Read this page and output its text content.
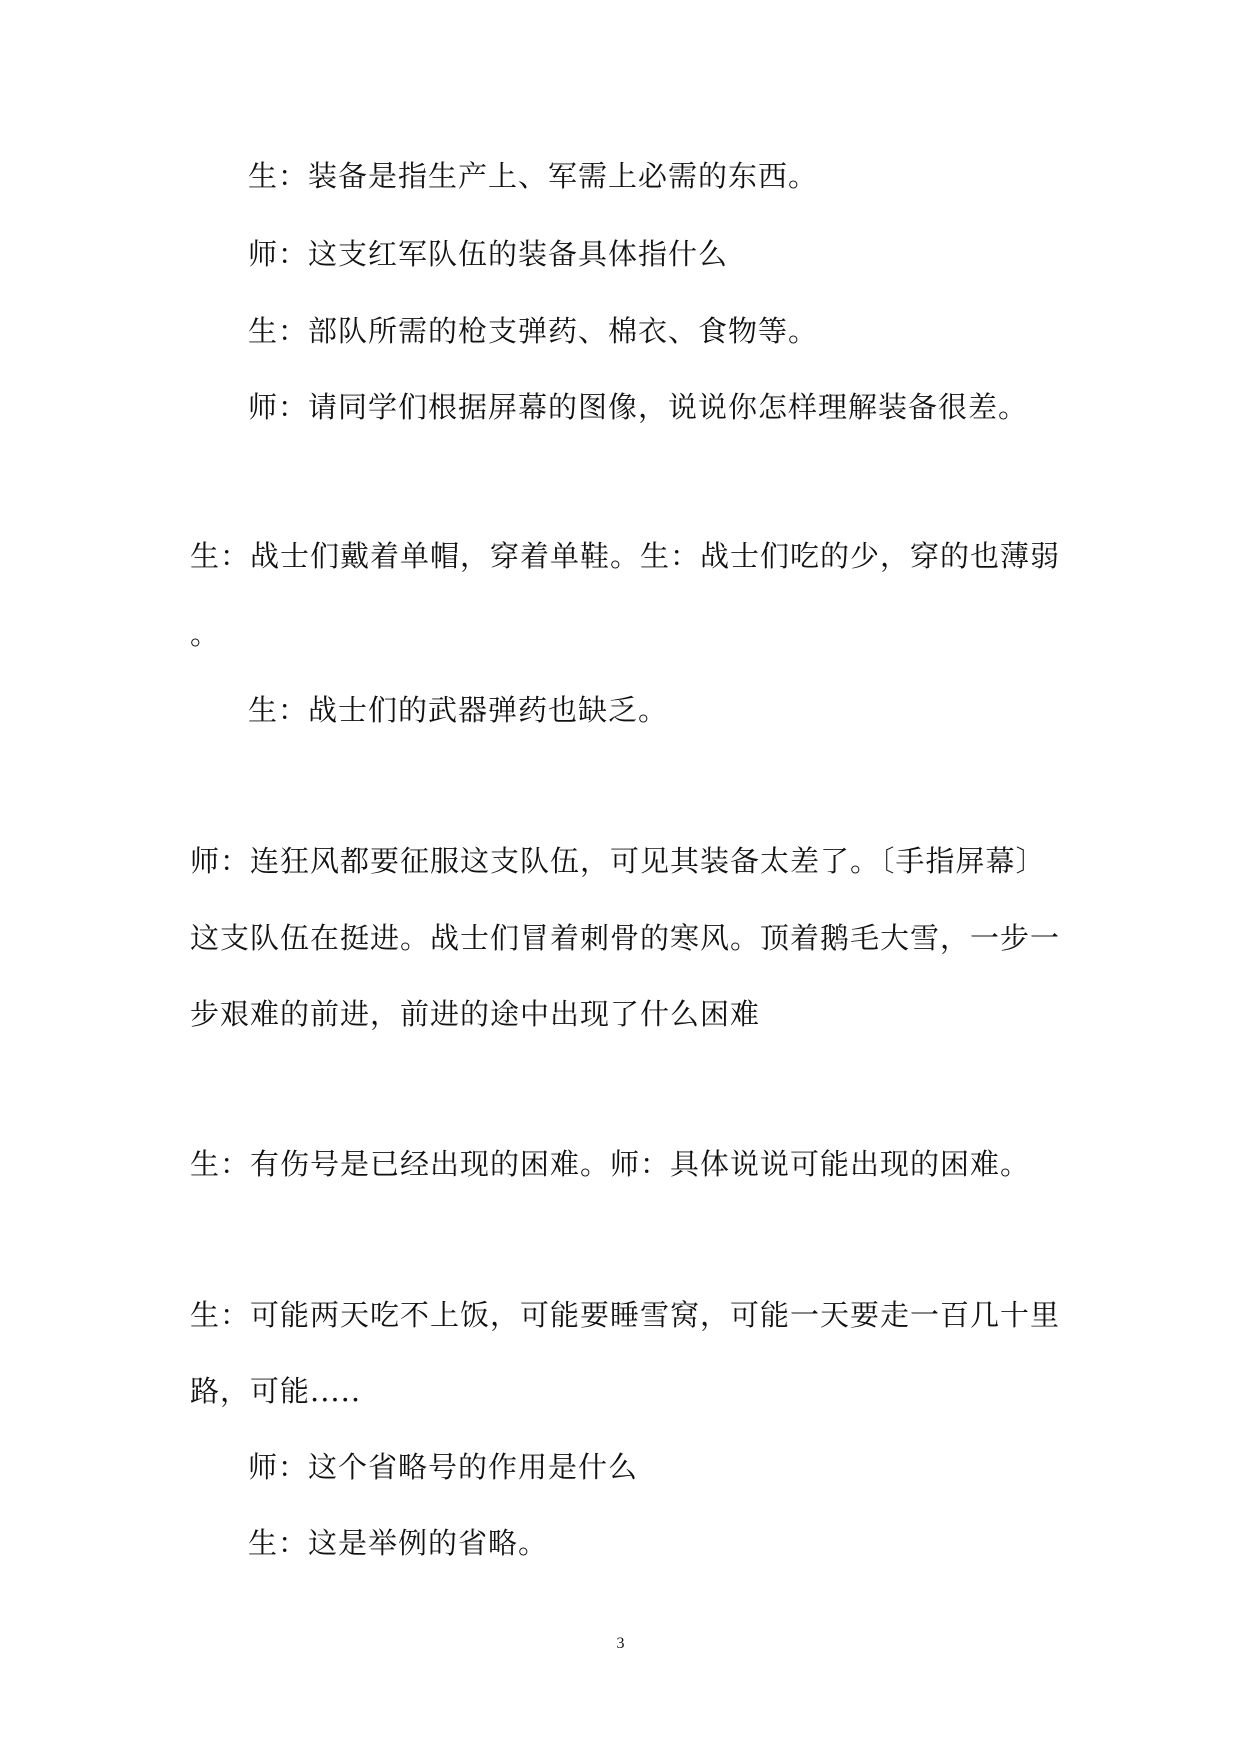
生：装备是指生产上、军需上必需的东西。
师：这支红军队伍的装备具体指什么
生：部队所需的枪支弹药、棉衣、食物等。
师：请同学们根据屏幕的图像，说说你怎样理解装备很差。
生：战士们戴着单帽，穿着单鞋。生：战士们吃的少，穿的也薄弱
。
生：战士们的武器弹药也缺乏。
师：连狂风都要征服这支队伍，可见其装备太差了。〔手指屏幕〕
这支队伍在挺进。战士们冒着刺骨的寒风。顶着鹅毛大雪，一步一
步艰难的前进，前进的途中出现了什么困难
生：有伤号是已经出现的困难。师：具体说说可能出现的困难。
生：可能两天吃不上饭，可能要睡雪窝，可能一天要走一百几十里
路，可能.....
师：这个省略号的作用是什么
生：这是举例的省略。
3
